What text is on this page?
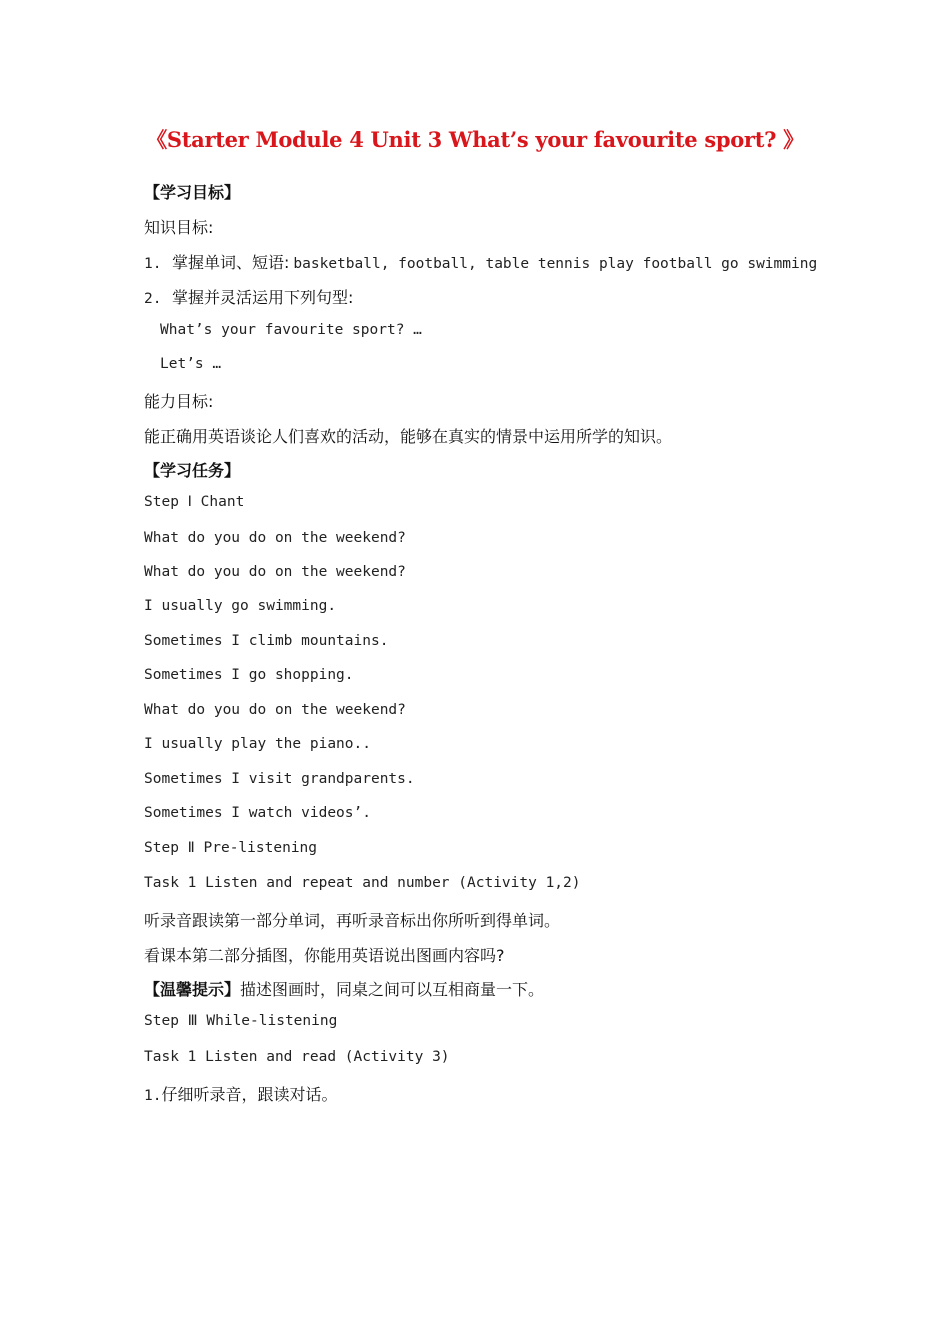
《Starter Module 4 Unit 3 What’s your favourite sport? 》
【学习目标】
知识目标:
1. 掌握单词、短语: basketball, football, table tennis play football go swimming
2. 掌握并灵活运用下列句型:
What’s your favourite sport? …
Let’s …
能力目标:
能正确用英语谈论人们喜欢的活动，能够在真实的情景中运用所学的知识。
【学习任务】
Step Ⅰ Chant
What do you do on the weekend?
What do you do on the weekend?
I usually go swimming.
Sometimes I climb mountains.
Sometimes I go shopping.
What do you do on the weekend?
I usually play the piano..
Sometimes I visit grandparents.
Sometimes I watch videos’.
Step Ⅱ Pre-listening
Task 1 Listen and repeat and number (Activity 1,2)
听录音跟读第一部分单词，再听录音标出你所听到得单词。
看课本第二部分插图，你能用英语说出图画内容吗?
【温馨提示】描述图画时，同桌之间可以互相商量一下。
Step Ⅲ While-listening
Task 1 Listen and read (Activity 3)
1.仔细听录音，跟读对话。
